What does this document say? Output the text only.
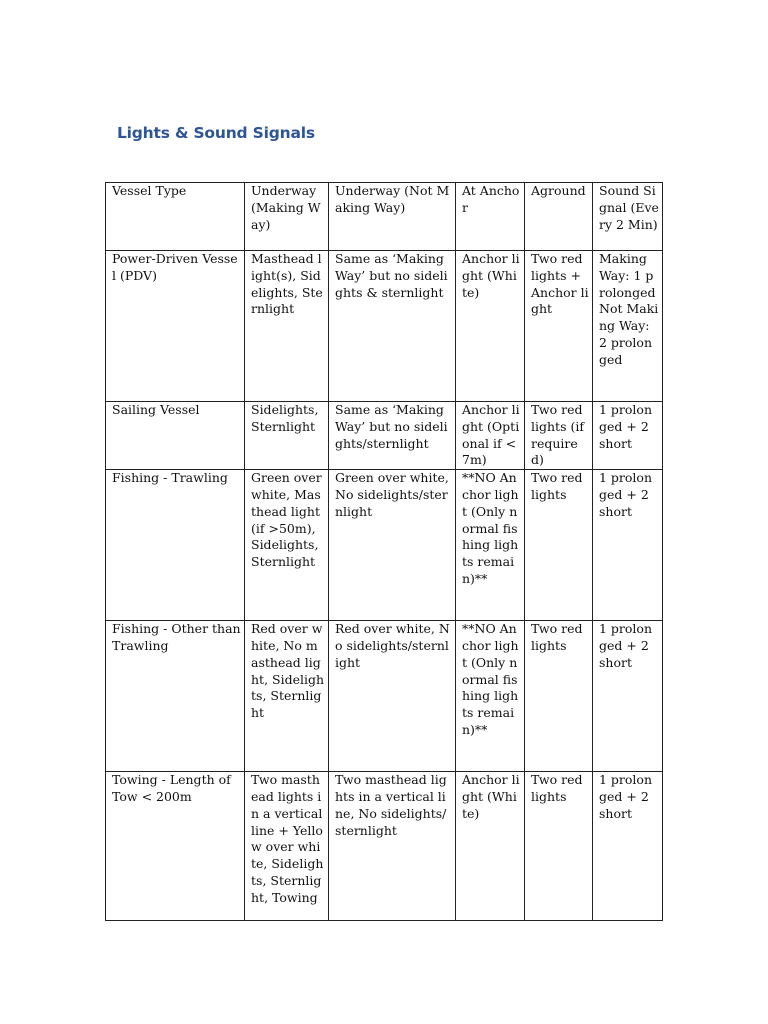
Lights & Sound Signals
Vessel Type	Underway (Making Way)	Underway (Not Making Way)	At Anchor	Aground	Sound Signal (Every 2 Min)
Power-Driven Vessel (PDV)	Masthead light(s), Sidelights, Sternlight	Same as ‘Making Way’ but no sidelights & sternlight	Anchor light (White)	Two red lights + Anchor light	Making Way: 1 prolonged
Not Making Way: 2 prolonged

Sailing Vessel	Sidelights, Sternlight	Same as ‘Making Way’ but no sidelights/sternlight	Anchor light (Optional if <7m)	Two red lights (if required)	1 prolonged + 2 short
Fishing - Trawling	Green over white, Masthead light (if >50m), Sidelights, Sternlight	Green over white, No sidelights/sternlight	**NO Anchor light (Only normal fishing lights remain)**	Two red lights	1 prolonged + 2 short
Fishing - Other than Trawling	Red over white, No masthead light, Sidelights, Sternlight	Red over white, No sidelights/sternlight	**NO Anchor light (Only normal fishing lights remain)**	Two red lights	1 prolonged + 2 short
Towing - Length of Tow < 200m	Two masthead lights in a vertical line + Yellow over white, Sidelights, Sternlight, Towing	Two masthead lights in a vertical line, No sidelights/sternlight	Anchor light (White)	Two red lights	1 prolonged + 2 short
